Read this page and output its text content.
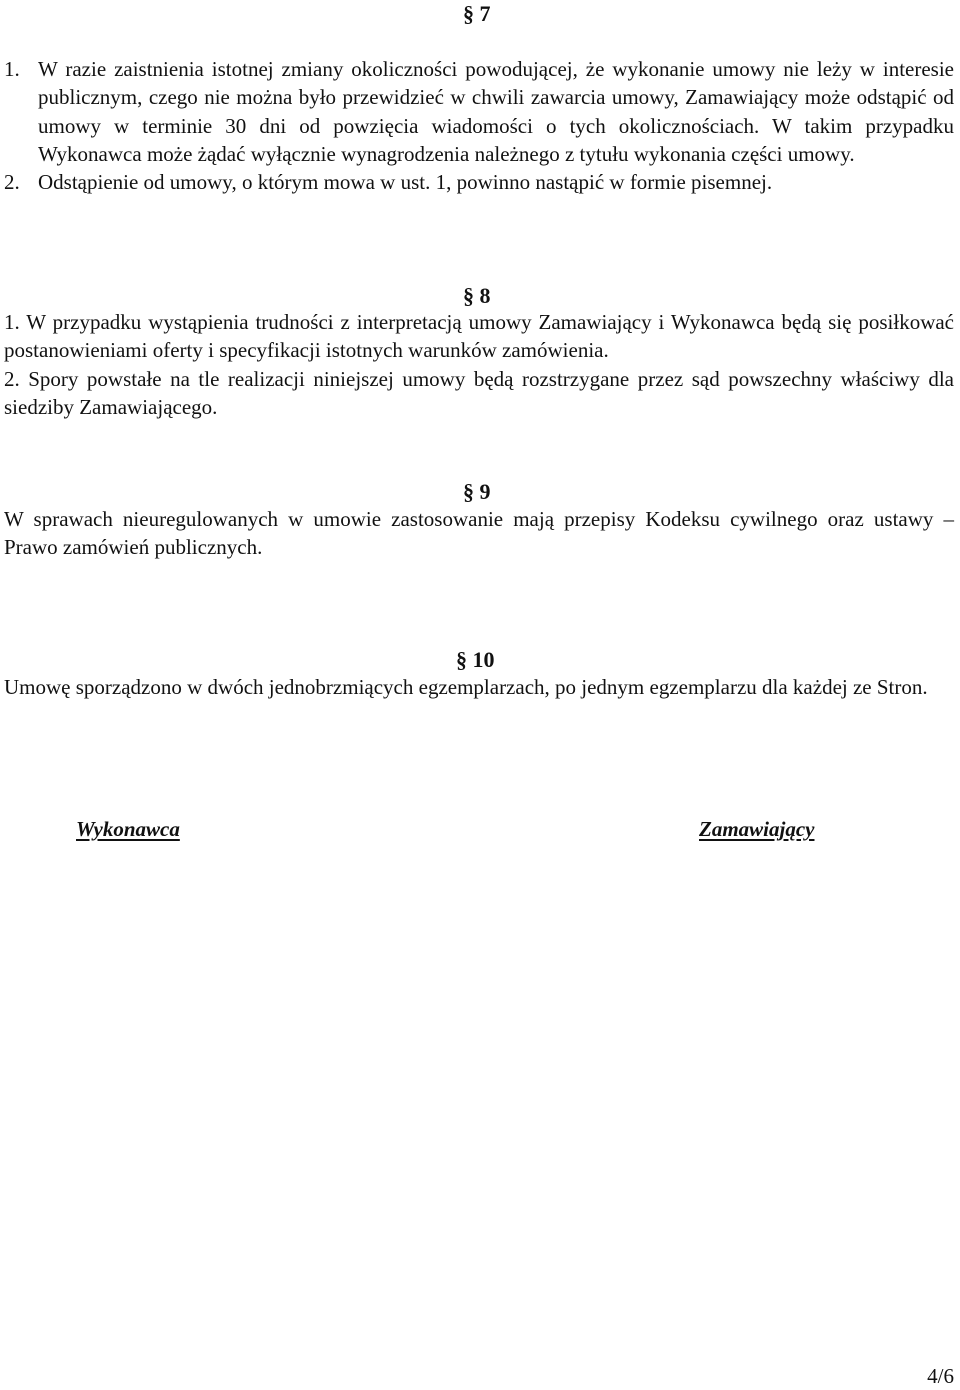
§ 7
1. W razie zaistnienia istotnej zmiany okoliczności powodującej, że wykonanie umowy nie leży w interesie publicznym, czego nie można było przewidzieć w chwili zawarcia umowy, Zamawiający może odstąpić od umowy w terminie 30 dni od powzięcia wiadomości o tych okolicznościach. W takim przypadku Wykonawca może żądać wyłącznie wynagrodzenia należnego z tytułu wykonania części umowy.
2. Odstąpienie od umowy, o którym mowa w ust. 1, powinno nastąpić w formie pisemnej.
§ 8

1. W przypadku wystąpienia trudności z interpretacją umowy Zamawiający i Wykonawca będą się posiłkować postanowieniami oferty i specyfikacji istotnych warunków zamówienia.

2. Spory powstałe na tle realizacji niniejszej umowy będą rozstrzygane przez sąd powszechny właściwy dla siedziby Zamawiającego.

§ 9

W sprawach nieuregulowanych w umowie zastosowanie mają przepisy Kodeksu cywilnego oraz ustawy – Prawo zamówień publicznych.

§ 10

Umowę sporządzono w dwóch jednobrzmiących egzemplarzach, po jednym egzemplarzu dla każdej ze Stron.

Wykonawca	Zamawiający
4/6
